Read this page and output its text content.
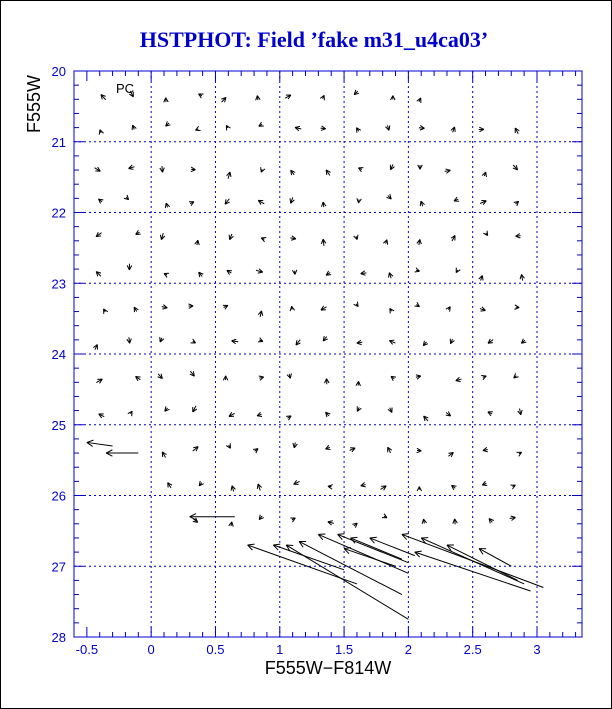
HSTPHOT: Field ’fake m31_u4ca03’
-0.5	0	0.5	1	1.5	2	2.5	3
20
21
22
23
24
25
26
27
28
PC
F555W−F814W
F555W
